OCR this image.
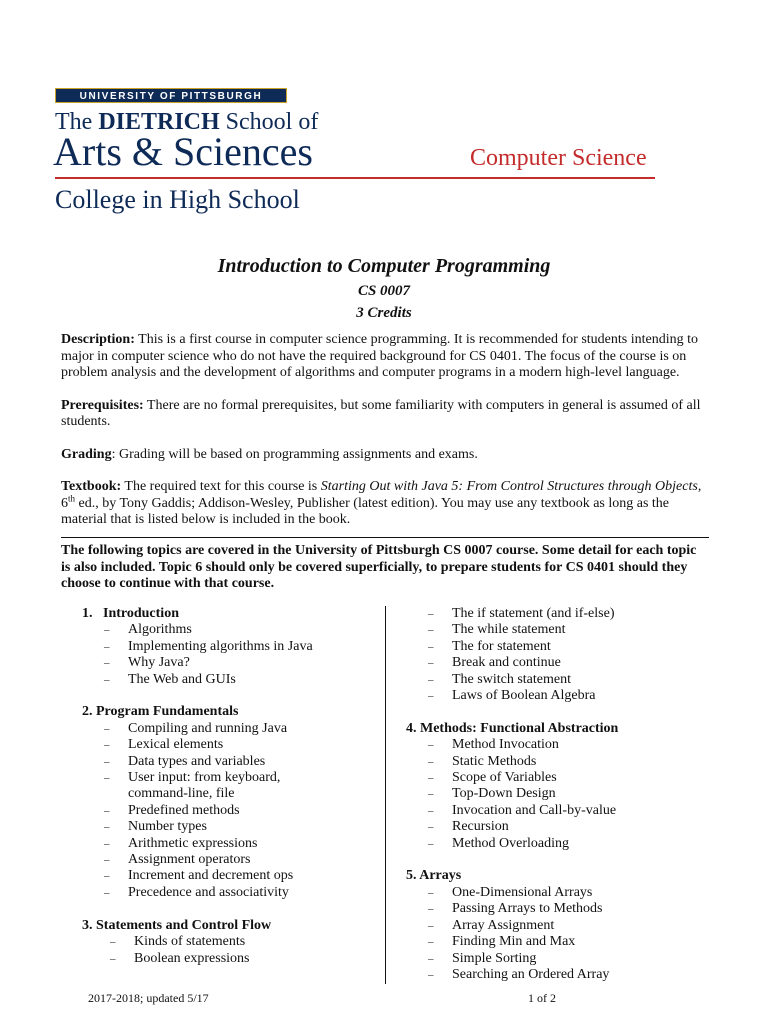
UNIVERSITY OF PITTSBURGH
The DIETRICH School of
Arts & Sciences	Computer Science
College in High School
Introduction to Computer Programming
CS 0007
3 Credits

Description: This is a first course in computer science programming. It is recommended for students intending to major in computer science who do not have the required background for CS 0401. The focus of the course is on problem analysis and the development of algorithms and computer programs in a modern high-level language.

Prerequisites: There are no formal prerequisites, but some familiarity with computers in general is assumed of all students.

Grading: Grading will be based on programming assignments and exams.

Textbook: The required text for this course is Starting Out with Java 5: From Control Structures through Objects, 6th ed., by Tony Gaddis; Addison-Wesley, Publisher (latest edition). You may use any textbook as long as the material that is listed below is included in the book.

The following topics are covered in the University of Pittsburgh CS 0007 course. Some detail for each topic is also included. Topic 6 should only be covered superficially, to prepare students for CS 0401 should they choose to continue with that course.

1.   Introduction

– Algorithms
– Implementing algorithms in Java
– Why Java?
– The Web and GUIs

2. Program Fundamentals

– Compiling and running Java
– Lexical elements
– Data types and variables
– User input: from keyboard, command-line, file
– Predefined methods
– Number types
– Arithmetic expressions
– Assignment operators
– Increment and decrement ops
– Precedence and associativity

3. Statements and Control Flow

– Kinds of statements
– Boolean expressions
– The if statement (and if-else)
– The while statement
– The for statement
– Break and continue
– The switch statement
– Laws of Boolean Algebra

4. Methods: Functional Abstraction

– Method Invocation
– Static Methods
– Scope of Variables
– Top-Down Design
– Invocation and Call-by-value
– Recursion
– Method Overloading

5. Arrays

– One-Dimensional Arrays
– Passing Arrays to Methods
– Array Assignment
– Finding Min and Max
– Simple Sorting
– Searching an Ordered Array
2017-2018; updated 5/17	1 of 2
